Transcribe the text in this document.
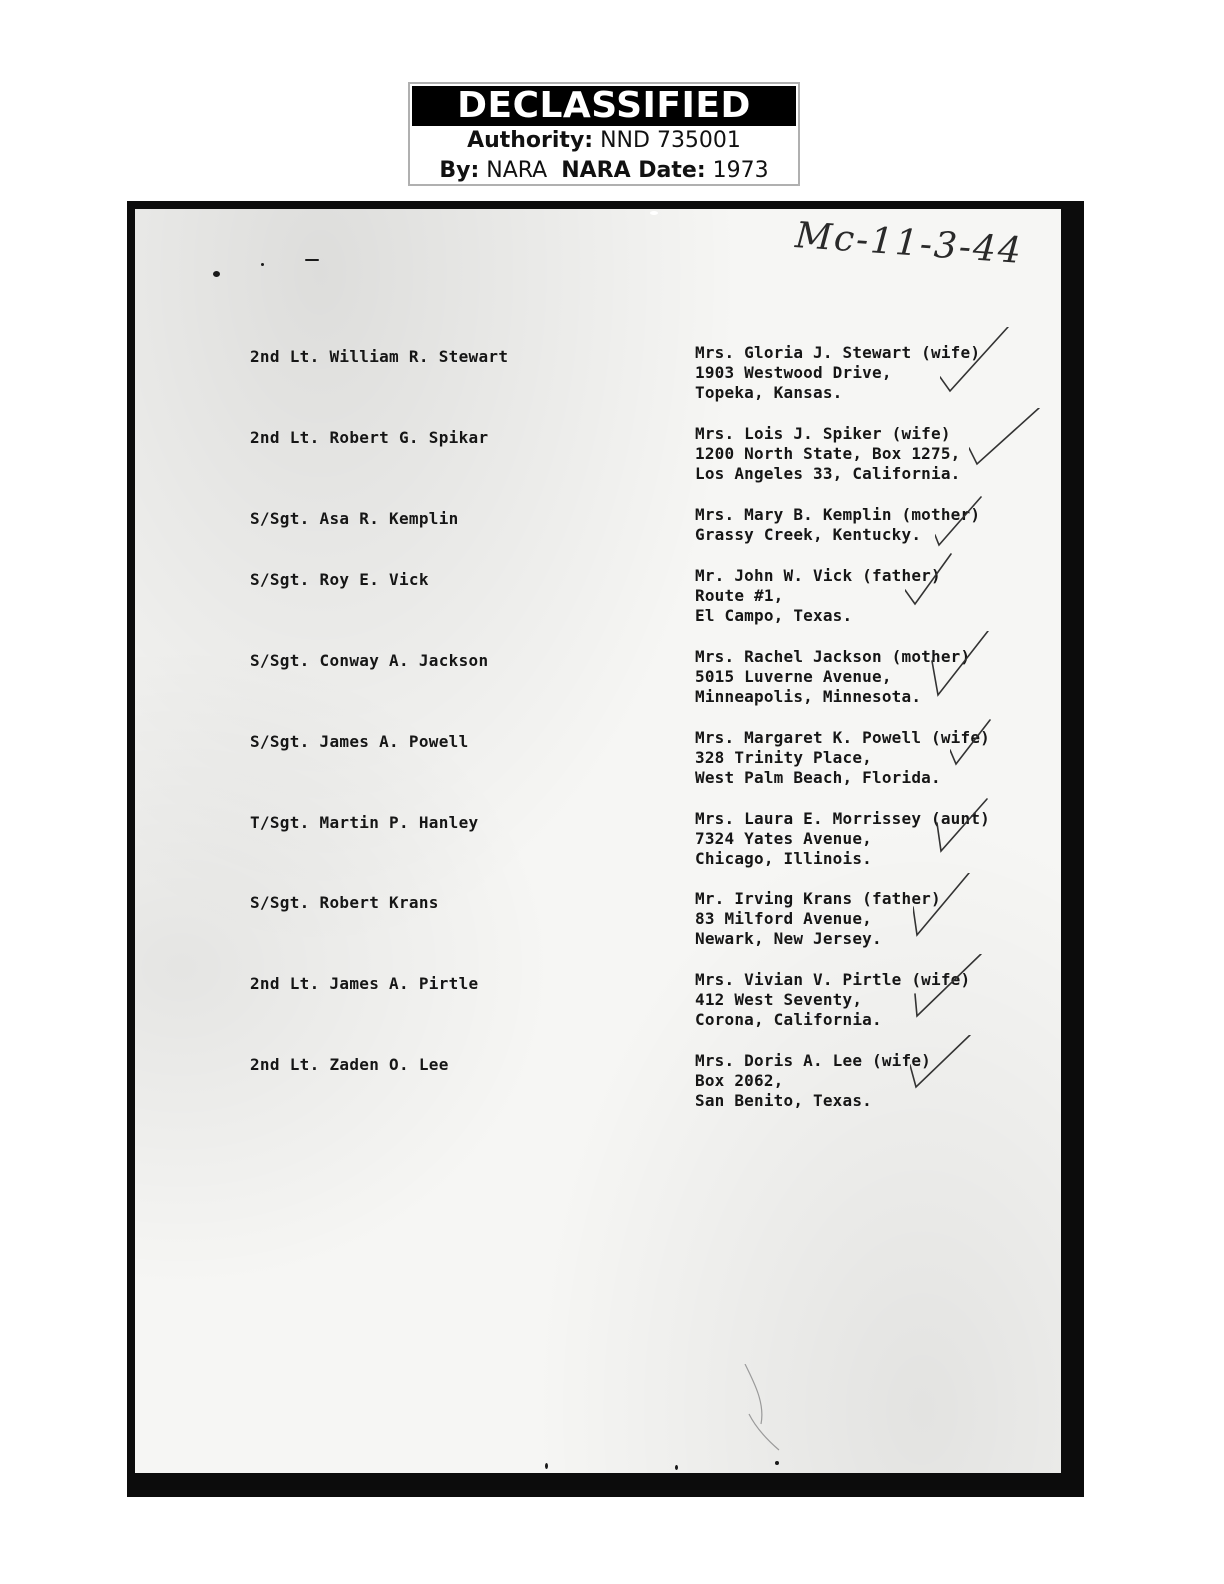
DECLASSIFIED
Authority: NND 735001
By: NARA NARA Date: 1973
Mc-11-3-44
2nd Lt. William R. Stewart	Mrs. Gloria J. Stewart (wife)
1903 Westwood Drive,
Topeka, Kansas.
2nd Lt. Robert G. Spikar	Mrs. Lois J. Spiker (wife)
1200 North State, Box 1275,
Los Angeles 33, California.
S/Sgt. Asa R. Kemplin	Mrs. Mary B. Kemplin (mother)
Grassy Creek, Kentucky.
S/Sgt. Roy E. Vick	Mr. John W. Vick (father)
Route #1,
El Campo, Texas.
S/Sgt. Conway A. Jackson	Mrs. Rachel Jackson (mother)
5015 Luverne Avenue,
Minneapolis, Minnesota.
S/Sgt. James A. Powell	Mrs. Margaret K. Powell (wife)
328 Trinity Place,
West Palm Beach, Florida.
T/Sgt. Martin P. Hanley	Mrs. Laura E. Morrissey (aunt)
7324 Yates Avenue,
Chicago, Illinois.
S/Sgt. Robert Krans	Mr. Irving Krans (father)
83 Milford Avenue,
Newark, New Jersey.
2nd Lt. James A. Pirtle	Mrs. Vivian V. Pirtle (wife)
412 West Seventy,
Corona, California.
2nd Lt. Zaden O. Lee	Mrs. Doris A. Lee (wife)
Box 2062,
San Benito, Texas.
